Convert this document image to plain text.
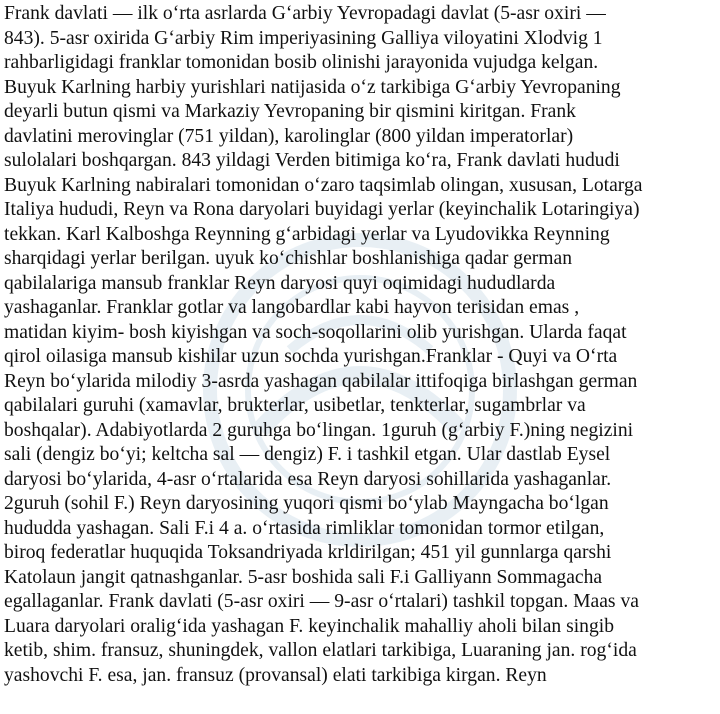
Frank davlati — ilk oʻrta asrlarda Gʻarbiy Yevropadagi davlat (5-asr oxiri —
843). 5-asr oxirida Gʻarbiy Rim imperiyasining Galliya viloyatini Xlodvig 1
rahbarligidagi franklar tomonidan bosib olinishi jarayonida vujudga kelgan.
Buyuk Karlning harbiy yurishlari natijasida oʻz tarkibiga Gʻarbiy Yevropaning
deyarli butun qismi va Markaziy Yevropaning bir qismini kiritgan. Frank
davlatini merovinglar (751 yildan), karolinglar (800 yildan imperatorlar)
sulolalari boshqargan. 843 yildagi Verden bitimiga koʻra, Frank davlati hududi
Buyuk Karlning nabiralari tomonidan oʻzaro taqsimlab olingan, xususan, Lotarga
Italiya hududi, Reyn va Rona daryolari buyidagi yerlar (keyinchalik Lotaringiya)
tekkan. Karl Kalboshga Reynning gʻarbidagi yerlar va Lyudovikka Reynning
sharqidagi yerlar berilgan. uyuk koʻchishlar boshlanishiga qadar german
qabilalariga mansub franklar Reyn daryosi quyi oqimidagi hududlarda
yashaganlar. Franklar gotlar va langobardlar kabi hayvon terisidan emas ,
matidan kiyim- bosh kiyishgan va soch-soqollarini olib yurishgan. Ularda faqat
qirol oilasiga mansub kishilar uzun sochda yurishgan.Franklar - Quyi va Oʻrta
Reyn boʻylarida milodiy 3-asrda yashagan qabilalar ittifoqiga birlashgan german
qabilalari guruhi (xamavlar, brukterlar, usibetlar, tenkterlar, sugambrlar va
boshqalar). Adabiyotlarda 2 guruhga boʻlingan. 1guruh (gʻarbiy F.)ning negizini
sali (dengiz boʻyi; keltcha sal — dengiz) F. i tashkil etgan. Ular dastlab Eysel
daryosi boʻylarida, 4-asr oʻrtalarida esa Reyn daryosi sohillarida yashaganlar.
2guruh (sohil F.) Reyn daryosining yuqori qismi boʻylab Mayngacha boʻlgan
hududda yashagan. Sali F.i 4 a. oʻrtasida rimliklar tomonidan tormor etilgan,
biroq federatlar huquqida Toksandriyada krldirilgan; 451 yil gunnlarga qarshi
Katolaun jangit qatnashganlar. 5-asr boshida sali F.i Galliyann Sommagacha
egallaganlar. Frank davlati (5-asr oxiri — 9-asr oʻrtalari) tashkil topgan. Maas va
Luara daryolari oraligʻida yashagan F. keyinchalik mahalliy aholi bilan singib
ketib, shim. fransuz, shuningdek, vallon elatlari tarkibiga, Luaraning jan. rogʻida
yashovchi F. esa, jan. fransuz (provansal) elati tarkibiga kirgan. Reyn
